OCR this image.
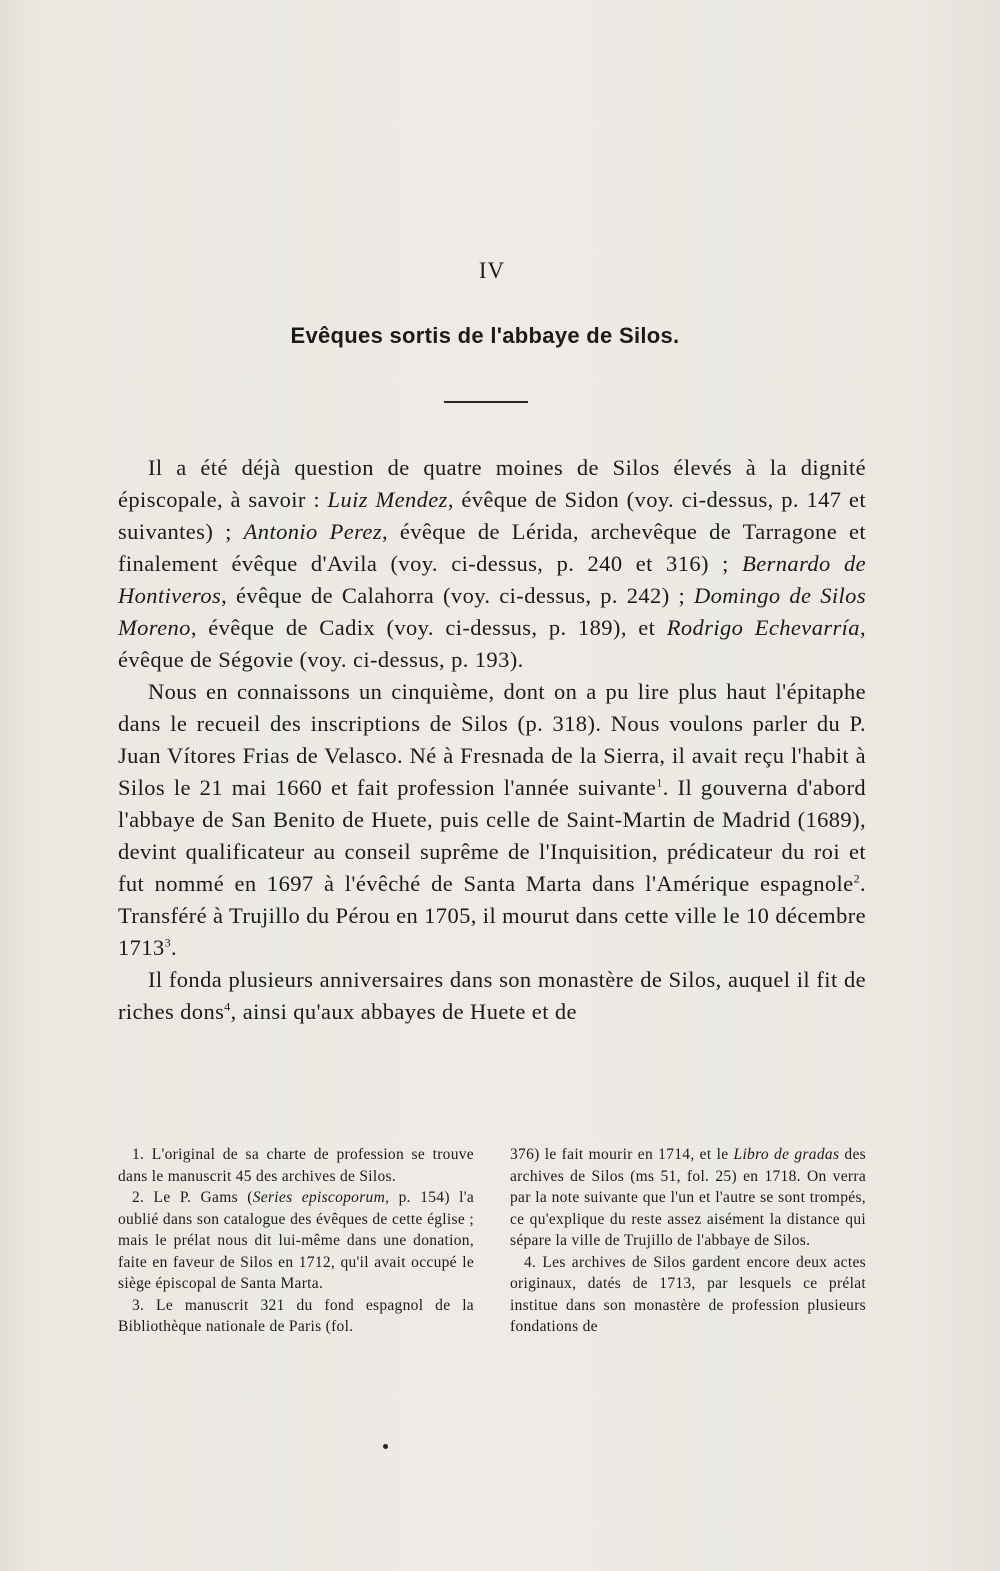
IV
Evêques sortis de l'abbaye de Silos.

Il a été déjà question de quatre moines de Silos élevés à la dignité épiscopale, à savoir : Luiz Mendez, évêque de Sidon (voy. ci-dessus, p. 147 et suivantes) ; Antonio Perez, évêque de Lérida, archevêque de Tarragone et finalement évêque d'Avila (voy. ci-dessus, p. 240 et 316) ; Bernardo de Hontiveros, évêque de Calahorra (voy. ci-dessus, p. 242) ; Domingo de Silos Moreno, évêque de Cadix (voy. ci-dessus, p. 189), et Rodrigo Echevarría, évêque de Ségovie (voy. ci-dessus, p. 193).

Nous en connaissons un cinquième, dont on a pu lire plus haut l'épitaphe dans le recueil des inscriptions de Silos (p. 318). Nous voulons parler du P. Juan Vítores Frias de Velasco. Né à Fresnada de la Sierra, il avait reçu l'habit à Silos le 21 mai 1660 et fait profession l'année suivante$^1$. Il gouverna d'abord l'abbaye de San Benito de Huete, puis celle de Saint-Martin de Madrid (1689), devint qualificateur au conseil suprême de l'Inquisition, prédicateur du roi et fut nommé en 1697 à l'évêché de Santa Marta dans l'Amérique espagnole$^2$. Transféré à Trujillo du Pérou en 1705, il mourut dans cette ville le 10 décembre 1713$^3$.

Il fonda plusieurs anniversaires dans son monastère de Silos, auquel il fit de riches dons$^4$, ainsi qu'aux abbayes de Huete et de

1. L'original de sa charte de profession se trouve dans le manuscrit 45 des archives de Silos.

2. Le P. Gams (Series episcoporum, p. 154) l'a oublié dans son catalogue des évêques de cette église ; mais le prélat nous dit lui-même dans une donation, faite en faveur de Silos en 1712, qu'il avait occupé le siège épiscopal de Santa Marta.

3. Le manuscrit 321 du fond espagnol de la Bibliothèque nationale de Paris (fol.

376) le fait mourir en 1714, et le Libro de gradas des archives de Silos (ms 51, fol. 25) en 1718. On verra par la note suivante que l'un et l'autre se sont trompés, ce qu'explique du reste assez aisément la distance qui sépare la ville de Trujillo de l'abbaye de Silos.

4. Les archives de Silos gardent encore deux actes originaux, datés de 1713, par lesquels ce prélat institue dans son monastère de profession plusieurs fondations de
